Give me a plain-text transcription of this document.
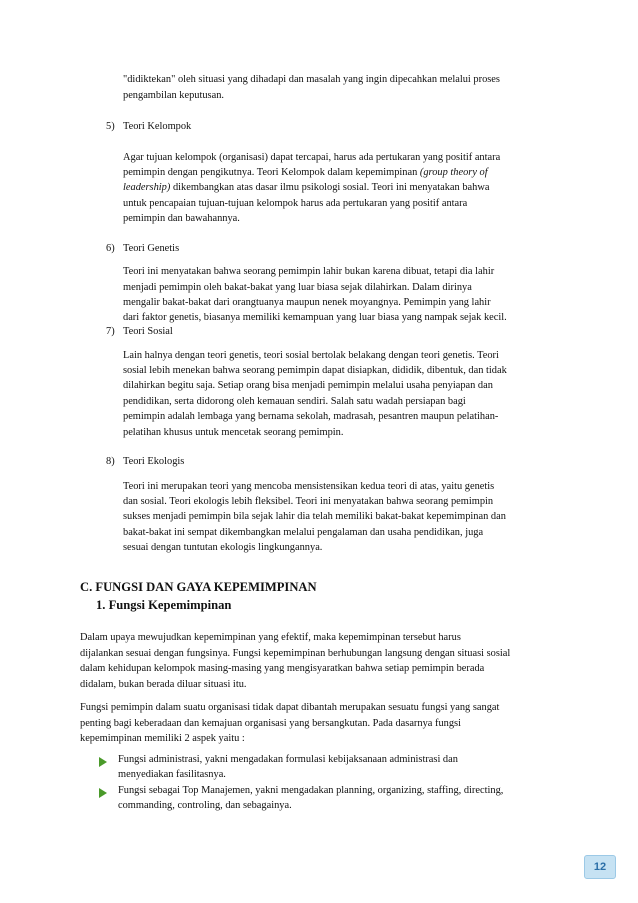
"didiktekan" oleh situasi yang dihadapi dan masalah yang ingin dipecahkan melalui proses
pengambilan keputusan.
5) Teori Kelompok
Agar tujuan kelompok (organisasi) dapat tercapai, harus ada pertukaran yang positif antara
pemimpin dengan pengikutnya. Teori Kelompok dalam kepemimpinan (group theory of
leadership) dikembangkan atas dasar ilmu psikologi sosial. Teori ini menyatakan bahwa
untuk pencapaian tujuan-tujuan kelompok harus ada pertukaran yang positif antara
pemimpin dan bawahannya.
6) Teori Genetis
Teori ini menyatakan bahwa seorang pemimpin lahir bukan karena dibuat, tetapi dia lahir
menjadi pemimpin oleh bakat-bakat yang luar biasa sejak dilahirkan. Dalam dirinya
mengalir bakat-bakat dari orangtuanya maupun nenek moyangnya. Pemimpin yang lahir
dari faktor genetis, biasanya memiliki kemampuan yang luar biasa yang nampak sejak kecil.
7) Teori Sosial
Lain halnya dengan teori genetis, teori sosial bertolak belakang dengan teori genetis. Teori
sosial lebih menekan bahwa seorang pemimpin dapat disiapkan, dididik, dibentuk, dan tidak
dilahirkan begitu saja. Setiap orang bisa menjadi pemimpin melalui usaha penyiapan dan
pendidikan, serta didorong oleh kemauan sendiri. Salah satu wadah persiapan bagi
pemimpin adalah lembaga yang bernama sekolah, madrasah, pesantren maupun pelatihan-
pelatihan khusus untuk mencetak seorang pemimpin.
8) Teori Ekologis
Teori ini merupakan teori yang mencoba mensistensikan kedua teori di atas, yaitu genetis
dan sosial. Teori ekologis lebih fleksibel. Teori ini menyatakan bahwa seorang pemimpin
sukses menjadi pemimpin bila sejak lahir dia telah memiliki bakat-bakat kepemimpinan dan
bakat-bakat ini sempat dikembangkan melalui pengalaman dan usaha pendidikan, juga
sesuai dengan tuntutan ekologis lingkungannya.
C. FUNGSI DAN GAYA KEPEMIMPINAN
1. Fungsi Kepemimpinan
Dalam upaya mewujudkan kepemimpinan yang efektif, maka kepemimpinan tersebut harus
dijalankan sesuai dengan fungsinya. Fungsi kepemimpinan berhubungan langsung dengan situasi sosial
dalam kehidupan kelompok masing-masing yang mengisyaratkan bahwa setiap pemimpin berada
didalam, bukan berada diluar situasi itu.
Fungsi pemimpin dalam suatu organisasi tidak dapat dibantah merupakan sesuatu fungsi yang sangat
penting bagi keberadaan dan kemajuan organisasi yang bersangkutan. Pada dasarnya fungsi
kepemimpinan memiliki 2 aspek yaitu :
Fungsi administrasi, yakni mengadakan formulasi kebijaksanaan administrasi dan
menyediakan fasilitasnya.
Fungsi sebagai Top Manajemen, yakni mengadakan planning, organizing, staffing, directing,
commanding, controling, dan sebagainya.
12
